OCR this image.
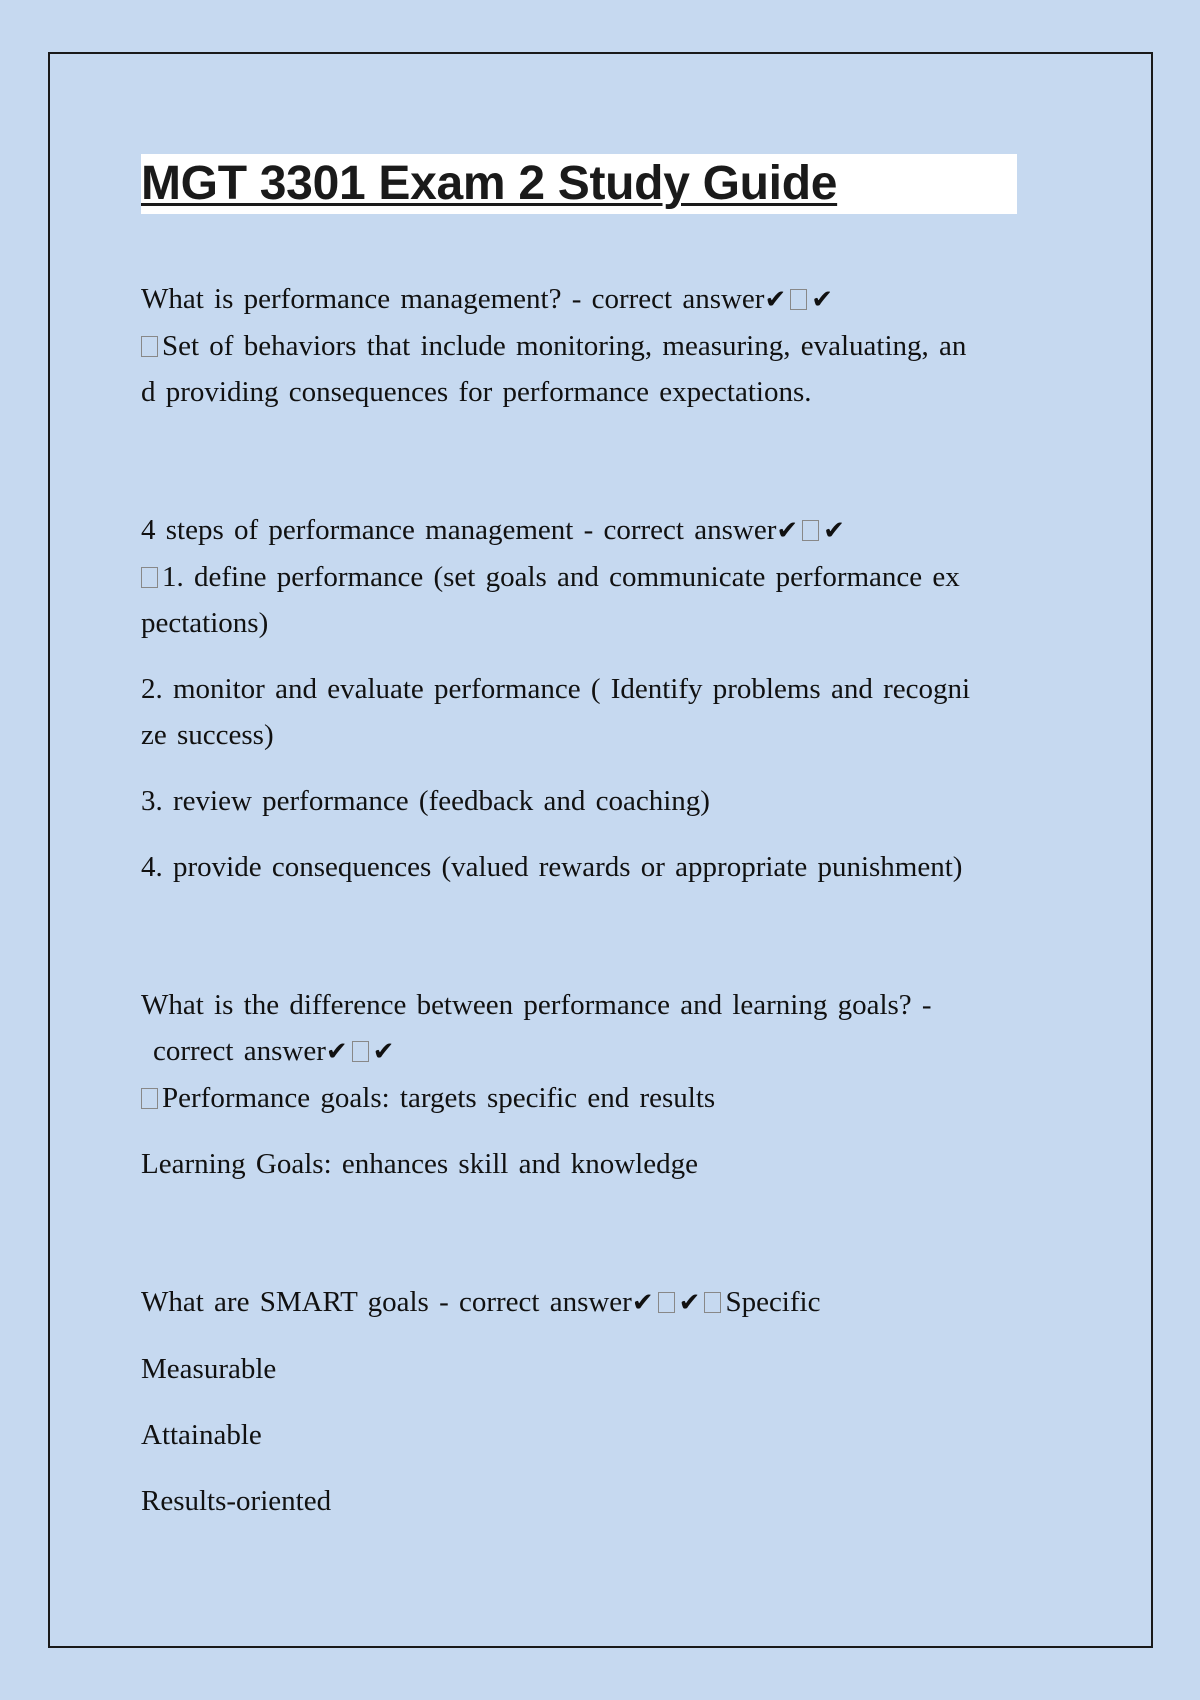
MGT 3301 Exam 2 Study Guide

What is performance management? - correct answer✔ ✔

Set of behaviors that include monitoring, measuring, evaluating, an

d providing consequences for performance expectations.

4 steps of performance management - correct answer✔ ✔

1. define performance (set goals and communicate performance ex

pectations)

2. monitor and evaluate performance ( Identify problems and recogni

ze success)

3. review performance (feedback and coaching)

4. provide consequences (valued rewards or appropriate punishment)

What is the difference between performance and learning goals? -

correct answer✔ ✔

Performance goals: targets specific end results

Learning Goals: enhances skill and knowledge

What are SMART goals - correct answer✔ ✔ Specific

Measurable

Attainable

Results-oriented
